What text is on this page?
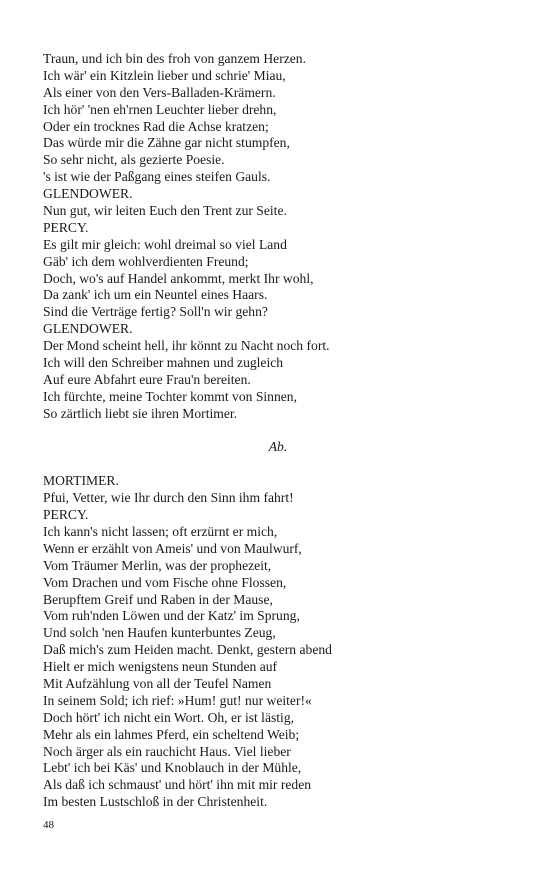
Traun, und ich bin des froh von ganzem Herzen.
Ich wär' ein Kitzlein lieber und schrie' Miau,
Als einer von den Vers-Balladen-Krämern.
Ich hör' 'nen eh'rnen Leuchter lieber drehn,
Oder ein trocknes Rad die Achse kratzen;
Das würde mir die Zähne gar nicht stumpfen,
So sehr nicht, als gezierte Poesie.
's ist wie der Paßgang eines steifen Gauls.
GLENDOWER.
Nun gut, wir leiten Euch den Trent zur Seite.
PERCY.
Es gilt mir gleich: wohl dreimal so viel Land
Gäb' ich dem wohlverdienten Freund;
Doch, wo's auf Handel ankommt, merkt Ihr wohl,
Da zank' ich um ein Neuntel eines Haars.
Sind die Verträge fertig? Soll'n wir gehn?
GLENDOWER.
Der Mond scheint hell, ihr könnt zu Nacht noch fort.
Ich will den Schreiber mahnen und zugleich
Auf eure Abfahrt eure Frau'n bereiten.
Ich fürchte, meine Tochter kommt von Sinnen,
So zärtlich liebt sie ihren Mortimer.
Ab.
MORTIMER.
Pfui, Vetter, wie Ihr durch den Sinn ihm fahrt!
PERCY.
Ich kann's nicht lassen; oft erzürnt er mich,
Wenn er erzählt von Ameis' und von Maulwurf,
Vom Träumer Merlin, was der prophezeit,
Vom Drachen und vom Fische ohne Flossen,
Berupftem Greif und Raben in der Mause,
Vom ruh'nden Löwen und der Katz' im Sprung,
Und solch 'nen Haufen kunterbuntes Zeug,
Daß mich's zum Heiden macht. Denkt, gestern abend
Hielt er mich wenigstens neun Stunden auf
Mit Aufzählung von all der Teufel Namen
In seinem Sold; ich rief: »Hum! gut! nur weiter!«
Doch hört' ich nicht ein Wort. Oh, er ist lästig,
Mehr als ein lahmes Pferd, ein scheltend Weib;
Noch ärger als ein rauchicht Haus. Viel lieber
Lebt' ich bei Käs' und Knoblauch in der Mühle,
Als daß ich schmaust' und hört' ihn mit mir reden
Im besten Lustschloß in der Christenheit.
48
